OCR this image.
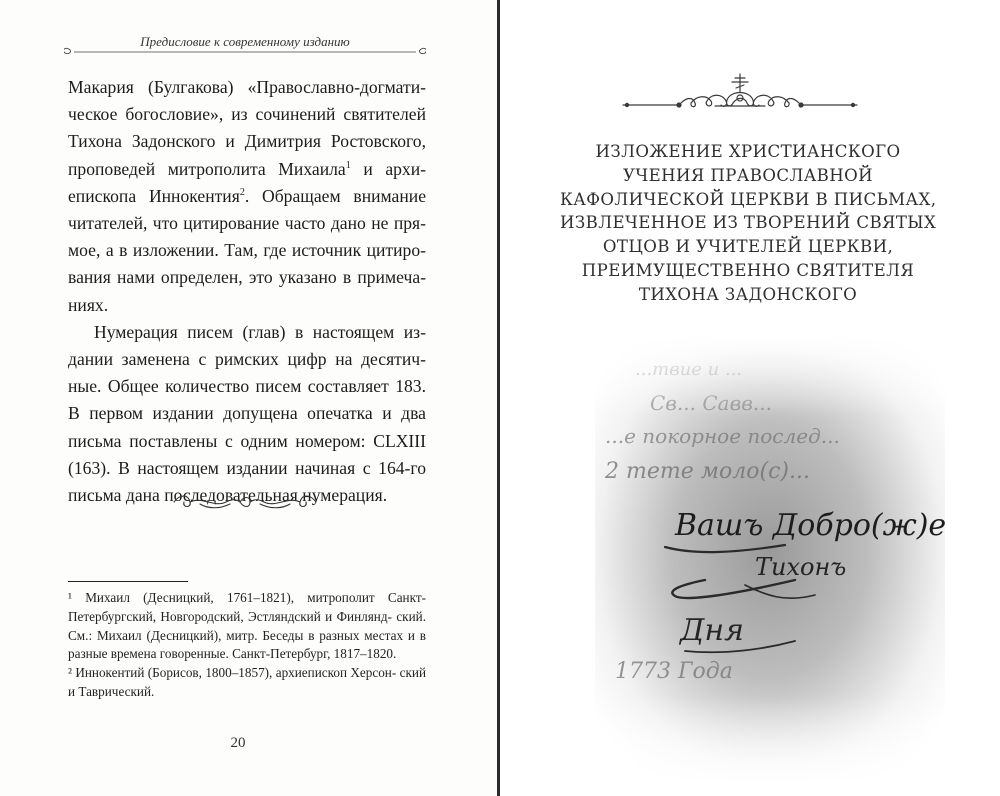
Предисловие к современному изданию

Макария (Булгакова) «Православно-догмати- ческое богословие», из сочинений святителей Тихона Задонского и Димитрия Ростовского, проповедей митрополита Михаила$^1$ и архи- епископа Иннокентия$^2$. Обращаем внимание читателей, что цитирование часто дано не пря- мое, а в изложении. Там, где источник цитиро- вания нами определен, это указано в примеча- ниях.

Нумерация писем (глав) в настоящем из- дании заменена с римских цифр на десятич- ные. Общее количество писем составляет 183. В первом издании допущена опечатка и два письма поставлены с одним номером: CLXIII (163). В настоящем издании начиная с 164-го письма дана последовательная нумерация.

¹ Михаил (Десницкий, 1761–1821), митрополит Санкт- Петербургский, Новгородский, Эстляндский и Финлянд- ский. См.: Михаил (Десницкий), митр. Беседы в разных местах и в разные времена говоренные. Санкт-Петербург, 1817–1820.

² Иннокентий (Борисов, 1800–1857), архиепископ Херсон- ский и Таврический.

20
ИЗЛОЖЕНИЕ ХРИСТИАНСКОГО
УЧЕНИЯ ПРАВОСЛАВНОЙ
КАФОЛИЧЕСКОЙ ЦЕРКВИ В ПИСЬМАХ,
ИЗВЛЕЧЕННОЕ ИЗ ТВОРЕНИЙ СВЯТЫХ
ОТЦОВ И УЧИТЕЛЕЙ ЦЕРКВИ,
ПРЕИМУЩЕСТВЕННО СВЯТИТЕЛЯ
ТИХОНА ЗАДОНСКОГО
